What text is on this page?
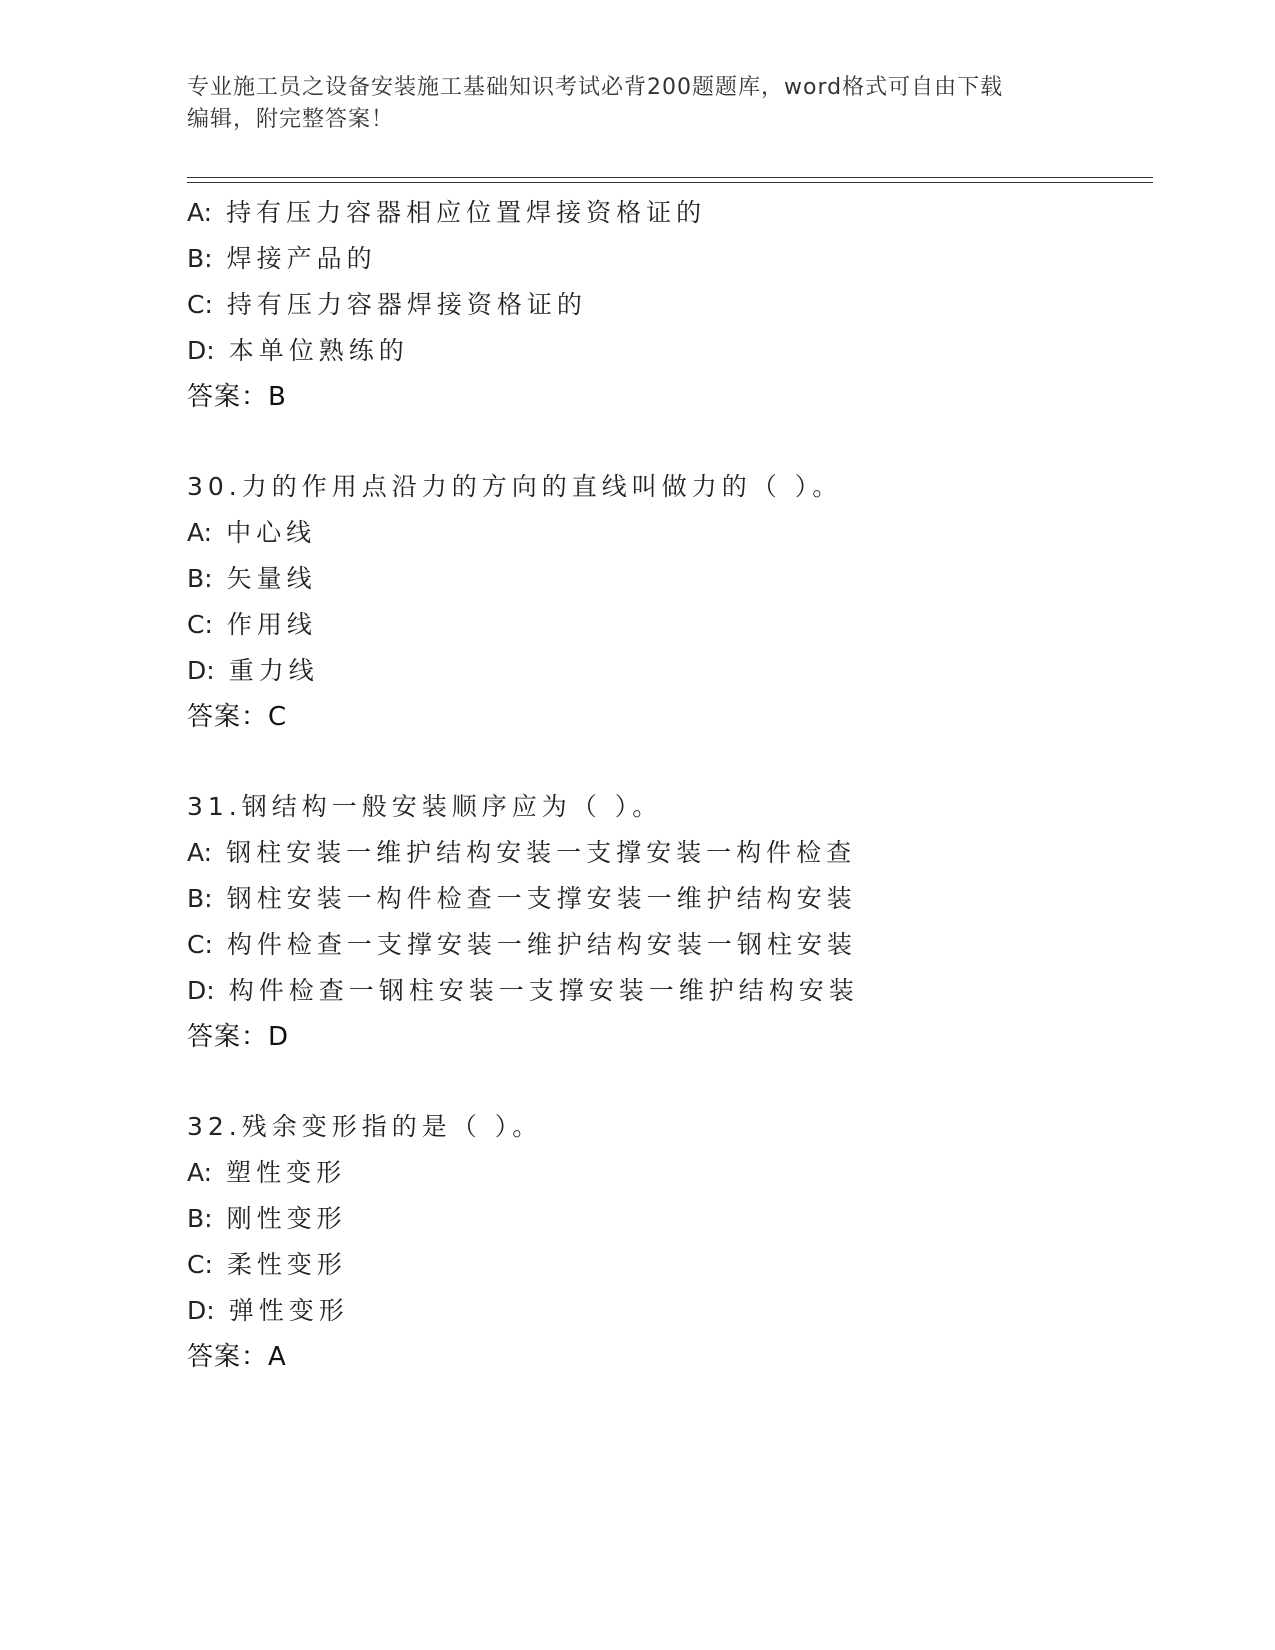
专业施工员之设备安装施工基础知识考试必背200题题库，word格式可自由下载
编辑，附完整答案！
A: 持有压力容器相应位置焊接资格证的
B: 焊接产品的
C: 持有压力容器焊接资格证的
D: 本单位熟练的
答案：B
30.力的作用点沿力的方向的直线叫做力的（ ）。
A: 中心线
B: 矢量线
C: 作用线
D: 重力线
答案：C
31.钢结构一般安装顺序应为（ ）。
A: 钢柱安装一维护结构安装一支撑安装一构件检查
B: 钢柱安装一构件检查一支撑安装一维护结构安装
C: 构件检查一支撑安装一维护结构安装一钢柱安装
D: 构件检查一钢柱安装一支撑安装一维护结构安装
答案：D
32.残余变形指的是（ ）。
A: 塑性变形
B: 刚性变形
C: 柔性变形
D: 弹性变形
答案：A
